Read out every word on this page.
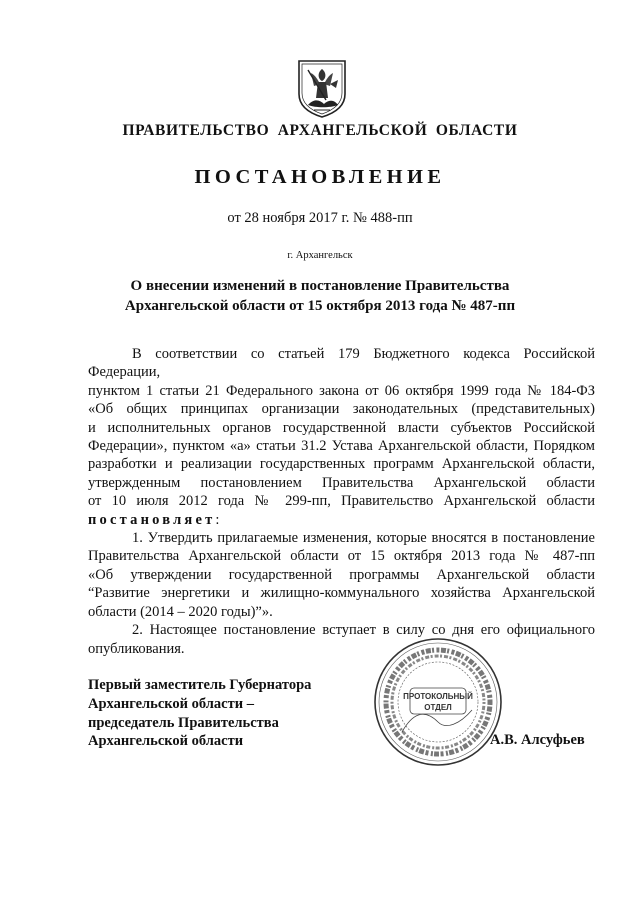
ПРАВИТЕЛЬСТВО АРХАНГЕЛЬСКОЙ ОБЛАСТИ
ПОСТАНОВЛЕНИЕ
от 28 ноября 2017 г. № 488-пп
г. Архангельск
О внесении изменений в постановление Правительства
Архангельской области от 15 октября 2013 года № 487-пп

В соответствии со статьей 179 Бюджетного кодекса Российской Федерации,

пунктом 1 статьи 21 Федерального закона от 06 октября 1999 года № 184-ФЗ

«Об общих принципах организации законодательных (представительных)

и исполнительных органов государственной власти субъектов Российской

Федерации», пунктом «а» статьи 31.2 Устава Архангельской области, Порядком

разработки и реализации государственных программ Архангельской области,

утвержденным постановлением Правительства Архангельской области

от 10 июля 2012 года № 299-пп, Правительство Архангельской области

постановляет:

1. Утвердить прилагаемые изменения, которые вносятся в постановление

Правительства Архангельской области от 15 октября 2013 года № 487-пп

«Об утверждении государственной программы Архангельской области

“Развитие энергетики и жилищно-коммунального хозяйства Архангельской

области (2014 – 2020 годы)”».

2. Настоящее постановление вступает в силу со дня его официального

опубликования.

Первый заместитель Губернатора
Архангельской области –
председатель Правительства
Архангельской области
ПРОТОКОЛЬНЫЙ
ОТДЕЛ
А.В. Алсуфьев
